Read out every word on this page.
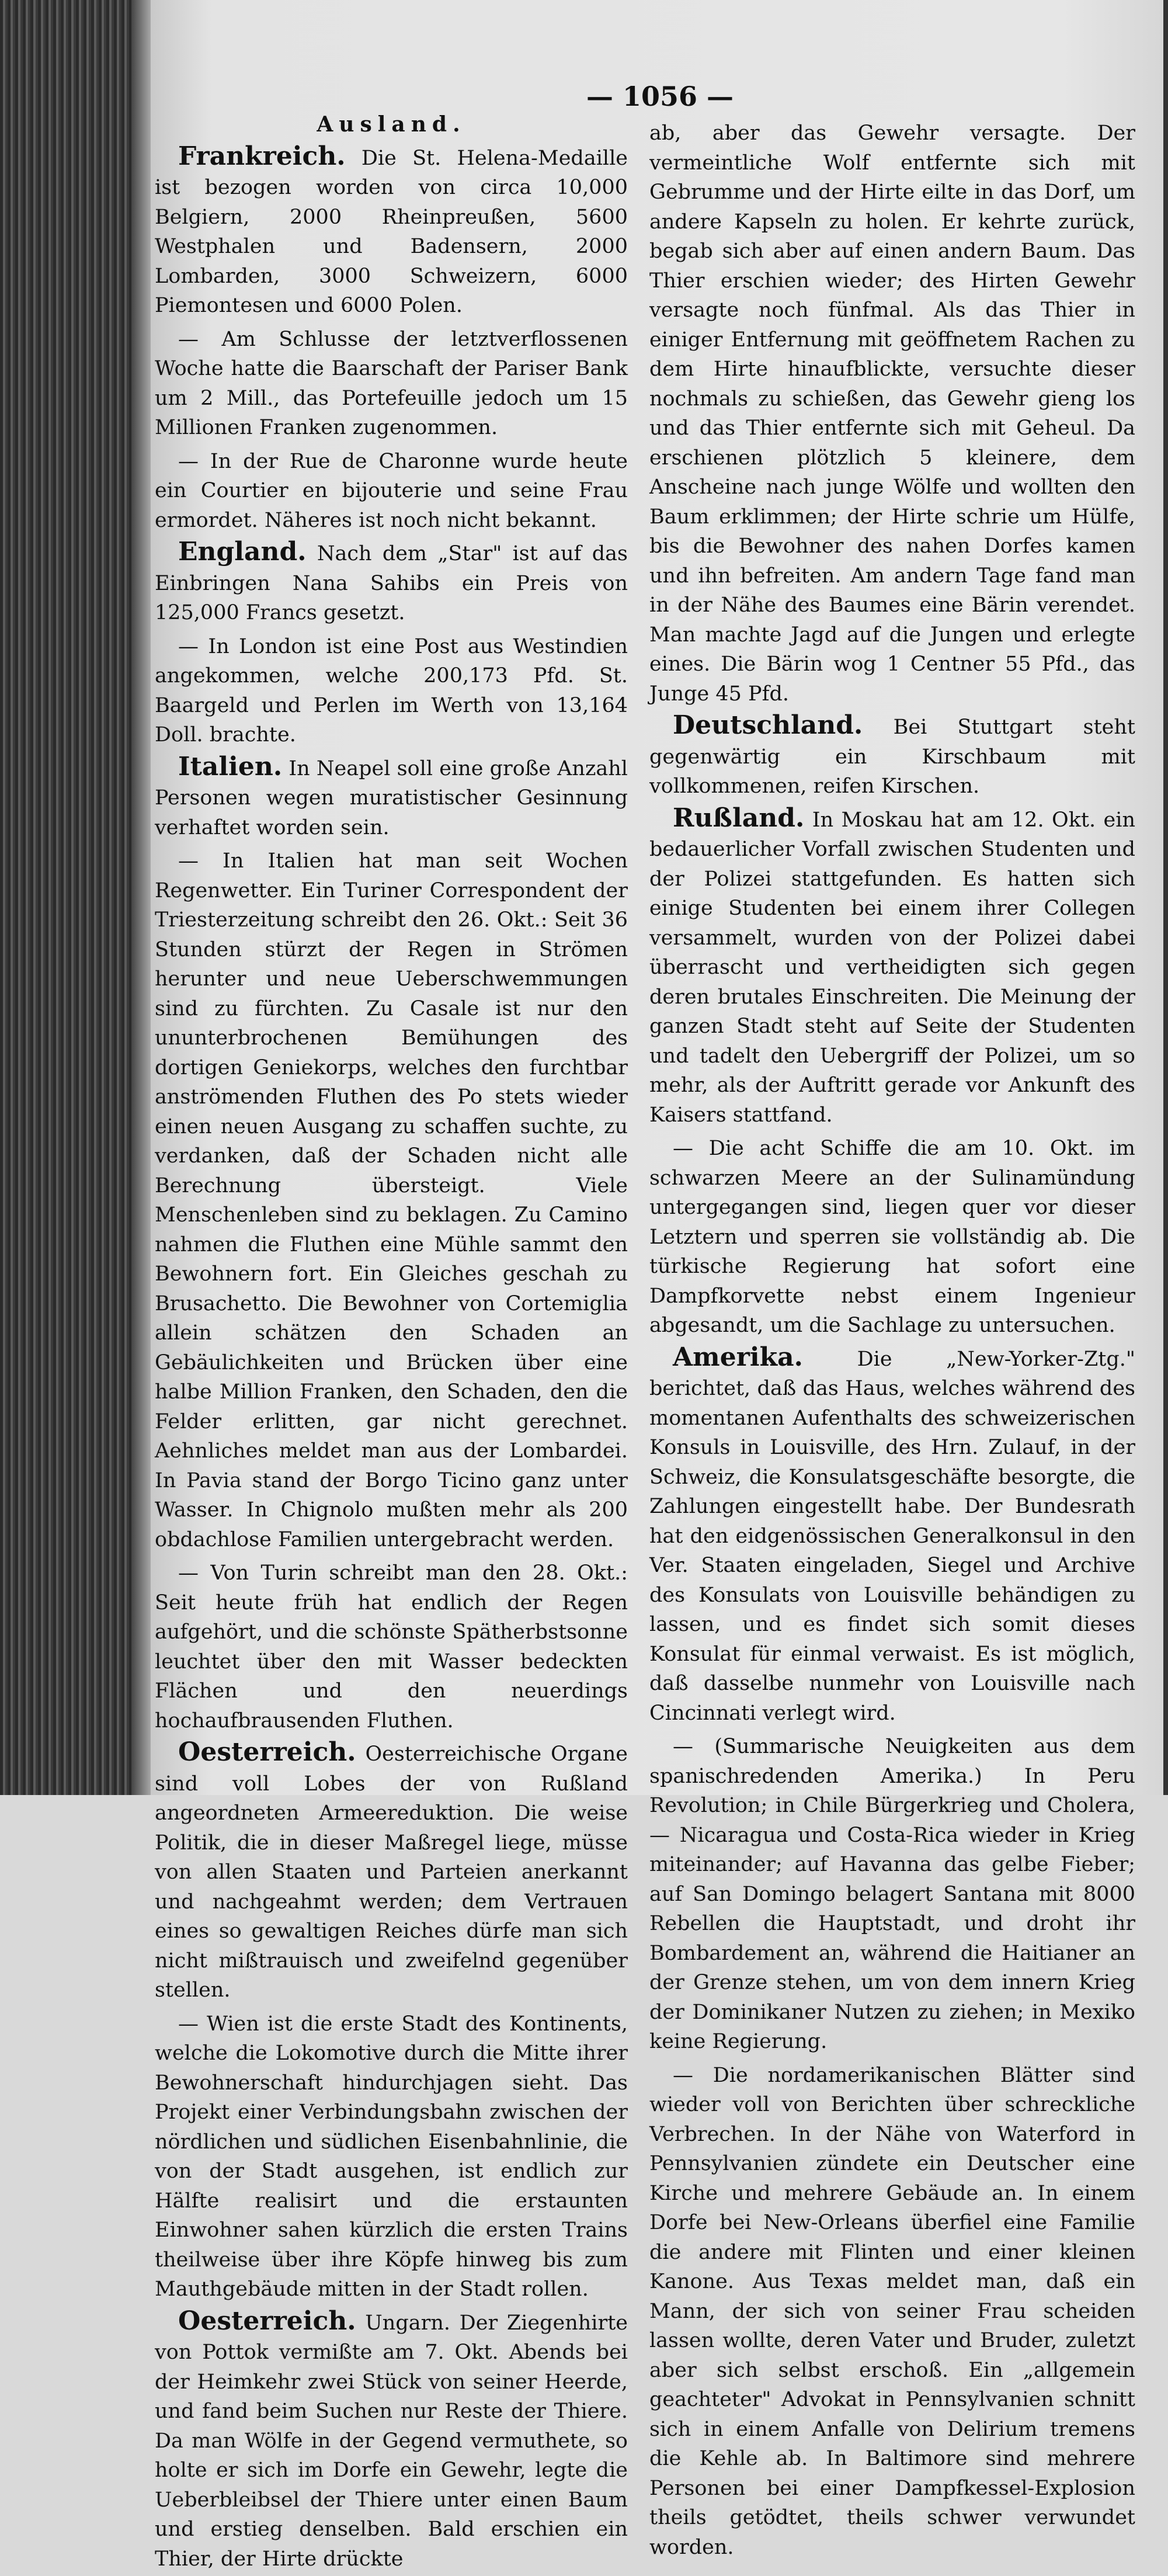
— 1056 —
Ausland.

Frankreich. Die St. Helena-Medaille ist bezogen worden von circa 10,000 Belgiern, 2000 Rheinpreußen, 5600 Westphalen und Badensern, 2000 Lombarden, 3000 Schweizern, 6000 Piemontesen und 6000 Polen.

— Am Schlusse der letztverflossenen Woche hatte die Baarschaft der Pariser Bank um 2 Mill., das Portefeuille jedoch um 15 Millionen Franken zugenommen.

— In der Rue de Charonne wurde heute ein Courtier en bijouterie und seine Frau ermordet. Näheres ist noch nicht bekannt.

England. Nach dem „Star" ist auf das Einbringen Nana Sahibs ein Preis von 125,000 Francs gesetzt.

— In London ist eine Post aus Westindien angekommen, welche 200,173 Pfd. St. Baargeld und Perlen im Werth von 13,164 Doll. brachte.

Italien. In Neapel soll eine große Anzahl Personen wegen muratistischer Gesinnung verhaftet worden sein.

— In Italien hat man seit Wochen Regenwetter. Ein Turiner Correspondent der Triesterzeitung schreibt den 26. Okt.: Seit 36 Stunden stürzt der Regen in Strömen herunter und neue Ueberschwemmungen sind zu fürchten. Zu Casale ist nur den ununterbrochenen Bemühungen des dortigen Geniekorps, welches den furchtbar anströmenden Fluthen des Po stets wieder einen neuen Ausgang zu schaffen suchte, zu verdanken, daß der Schaden nicht alle Berechnung übersteigt. Viele Menschenleben sind zu beklagen. Zu Camino nahmen die Fluthen eine Mühle sammt den Bewohnern fort. Ein Gleiches geschah zu Brusachetto. Die Bewohner von Cortemiglia allein schätzen den Schaden an Gebäulichkeiten und Brücken über eine halbe Million Franken, den Schaden, den die Felder erlitten, gar nicht gerechnet. Aehnliches meldet man aus der Lombardei. In Pavia stand der Borgo Ticino ganz unter Wasser. In Chignolo mußten mehr als 200 obdachlose Familien untergebracht werden.

— Von Turin schreibt man den 28. Okt.: Seit heute früh hat endlich der Regen aufgehört, und die schönste Spätherbstsonne leuchtet über den mit Wasser bedeckten Flächen und den neuerdings hochaufbrausenden Fluthen.

Oesterreich. Oesterreichische Organe sind voll Lobes der von Rußland angeordneten Armeereduktion. Die weise Politik, die in dieser Maßregel liege, müsse von allen Staaten und Parteien anerkannt und nachgeahmt werden; dem Vertrauen eines so gewaltigen Reiches dürfe man sich nicht mißtrauisch und zweifelnd gegenüber stellen.

— Wien ist die erste Stadt des Kontinents, welche die Lokomotive durch die Mitte ihrer Bewohnerschaft hindurchjagen sieht. Das Projekt einer Verbindungsbahn zwischen der nördlichen und südlichen Eisenbahnlinie, die von der Stadt ausgehen, ist endlich zur Hälfte realisirt und die erstaunten Einwohner sahen kürzlich die ersten Trains theilweise über ihre Köpfe hinweg bis zum Mauthgebäude mitten in der Stadt rollen.

Oesterreich. Ungarn. Der Ziegenhirte von Pottok vermißte am 7. Okt. Abends bei der Heimkehr zwei Stück von seiner Heerde, und fand beim Suchen nur Reste der Thiere. Da man Wölfe in der Gegend vermuthete, so holte er sich im Dorfe ein Gewehr, legte die Ueberbleibsel der Thiere unter einen Baum und erstieg denselben. Bald erschien ein Thier, der Hirte drückte

ab, aber das Gewehr versagte. Der vermeintliche Wolf entfernte sich mit Gebrumme und der Hirte eilte in das Dorf, um andere Kapseln zu holen. Er kehrte zurück, begab sich aber auf einen andern Baum. Das Thier erschien wieder; des Hirten Gewehr versagte noch fünfmal. Als das Thier in einiger Entfernung mit geöffnetem Rachen zu dem Hirte hinaufblickte, versuchte dieser nochmals zu schießen, das Gewehr gieng los und das Thier entfernte sich mit Geheul. Da erschienen plötzlich 5 kleinere, dem Anscheine nach junge Wölfe und wollten den Baum erklimmen; der Hirte schrie um Hülfe, bis die Bewohner des nahen Dorfes kamen und ihn befreiten. Am andern Tage fand man in der Nähe des Baumes eine Bärin verendet. Man machte Jagd auf die Jungen und erlegte eines. Die Bärin wog 1 Centner 55 Pfd., das Junge 45 Pfd.

Deutschland. Bei Stuttgart steht gegenwärtig ein Kirschbaum mit vollkommenen, reifen Kirschen.

Rußland. In Moskau hat am 12. Okt. ein bedauerlicher Vorfall zwischen Studenten und der Polizei stattgefunden. Es hatten sich einige Studenten bei einem ihrer Collegen versammelt, wurden von der Polizei dabei überrascht und vertheidigten sich gegen deren brutales Einschreiten. Die Meinung der ganzen Stadt steht auf Seite der Studenten und tadelt den Uebergriff der Polizei, um so mehr, als der Auftritt gerade vor Ankunft des Kaisers stattfand.

— Die acht Schiffe die am 10. Okt. im schwarzen Meere an der Sulinamündung untergegangen sind, liegen quer vor dieser Letztern und sperren sie vollständig ab. Die türkische Regierung hat sofort eine Dampfkorvette nebst einem Ingenieur abgesandt, um die Sachlage zu untersuchen.

Amerika. Die „New-Yorker-Ztg." berichtet, daß das Haus, welches während des momentanen Aufenthalts des schweizerischen Konsuls in Louisville, des Hrn. Zulauf, in der Schweiz, die Konsulatsgeschäfte besorgte, die Zahlungen eingestellt habe. Der Bundesrath hat den eidgenössischen Generalkonsul in den Ver. Staaten eingeladen, Siegel und Archive des Konsulats von Louisville behändigen zu lassen, und es findet sich somit dieses Konsulat für einmal verwaist. Es ist möglich, daß dasselbe nunmehr von Louisville nach Cincinnati verlegt wird.

— (Summarische Neuigkeiten aus dem spanischredenden Amerika.) In Peru Revolution; in Chile Bürgerkrieg und Cholera, — Nicaragua und Costa-Rica wieder in Krieg miteinander; auf Havanna das gelbe Fieber; auf San Domingo belagert Santana mit 8000 Rebellen die Hauptstadt, und droht ihr Bombardement an, während die Haitianer an der Grenze stehen, um von dem innern Krieg der Dominikaner Nutzen zu ziehen; in Mexiko keine Regierung.

— Die nordamerikanischen Blätter sind wieder voll von Berichten über schreckliche Verbrechen. In der Nähe von Waterford in Pennsylvanien zündete ein Deutscher eine Kirche und mehrere Gebäude an. In einem Dorfe bei New-Orleans überfiel eine Familie die andere mit Flinten und einer kleinen Kanone. Aus Texas meldet man, daß ein Mann, der sich von seiner Frau scheiden lassen wollte, deren Vater und Bruder, zuletzt aber sich selbst erschoß. Ein „allgemein geachteter" Advokat in Pennsylvanien schnitt sich in einem Anfalle von Delirium tremens die Kehle ab. In Baltimore sind mehrere Personen bei einer Dampfkessel-Explosion theils getödtet, theils schwer verwundet worden.
